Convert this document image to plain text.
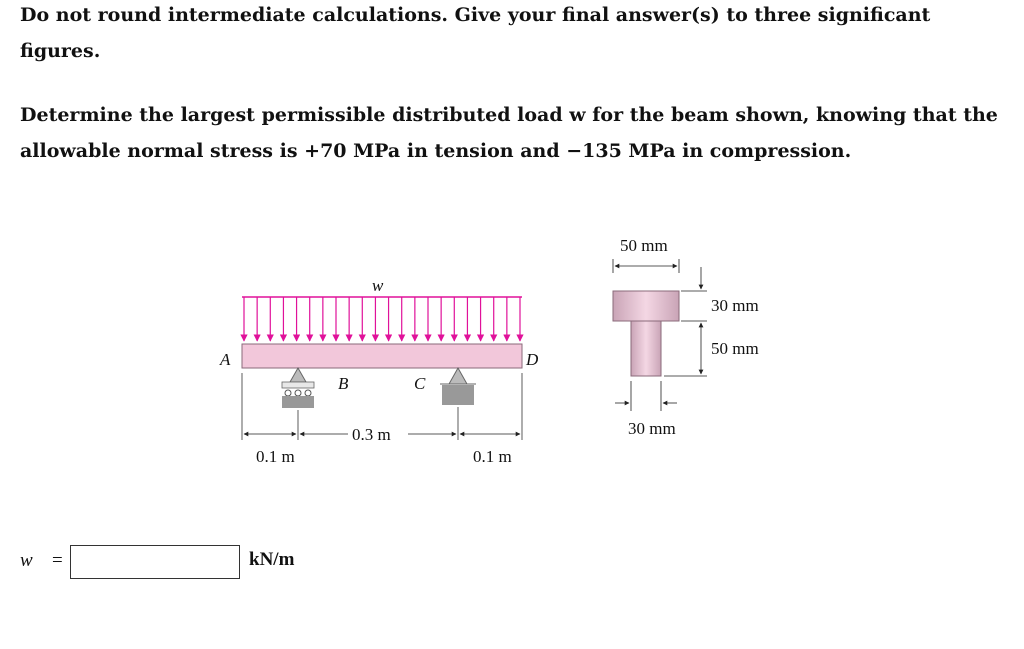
Do not round intermediate calculations. Give your final answer(s) to three significant figures.

Determine the largest permissible distributed load w for the beam shown, knowing that the allowable normal stress is +70 MPa in tension and −135 MPa in compression.

w
A	D
B	C
0.1 m
0.3 m
0.1 m
50 mm
30 mm
50 mm
30 mm
w =	kN/m
